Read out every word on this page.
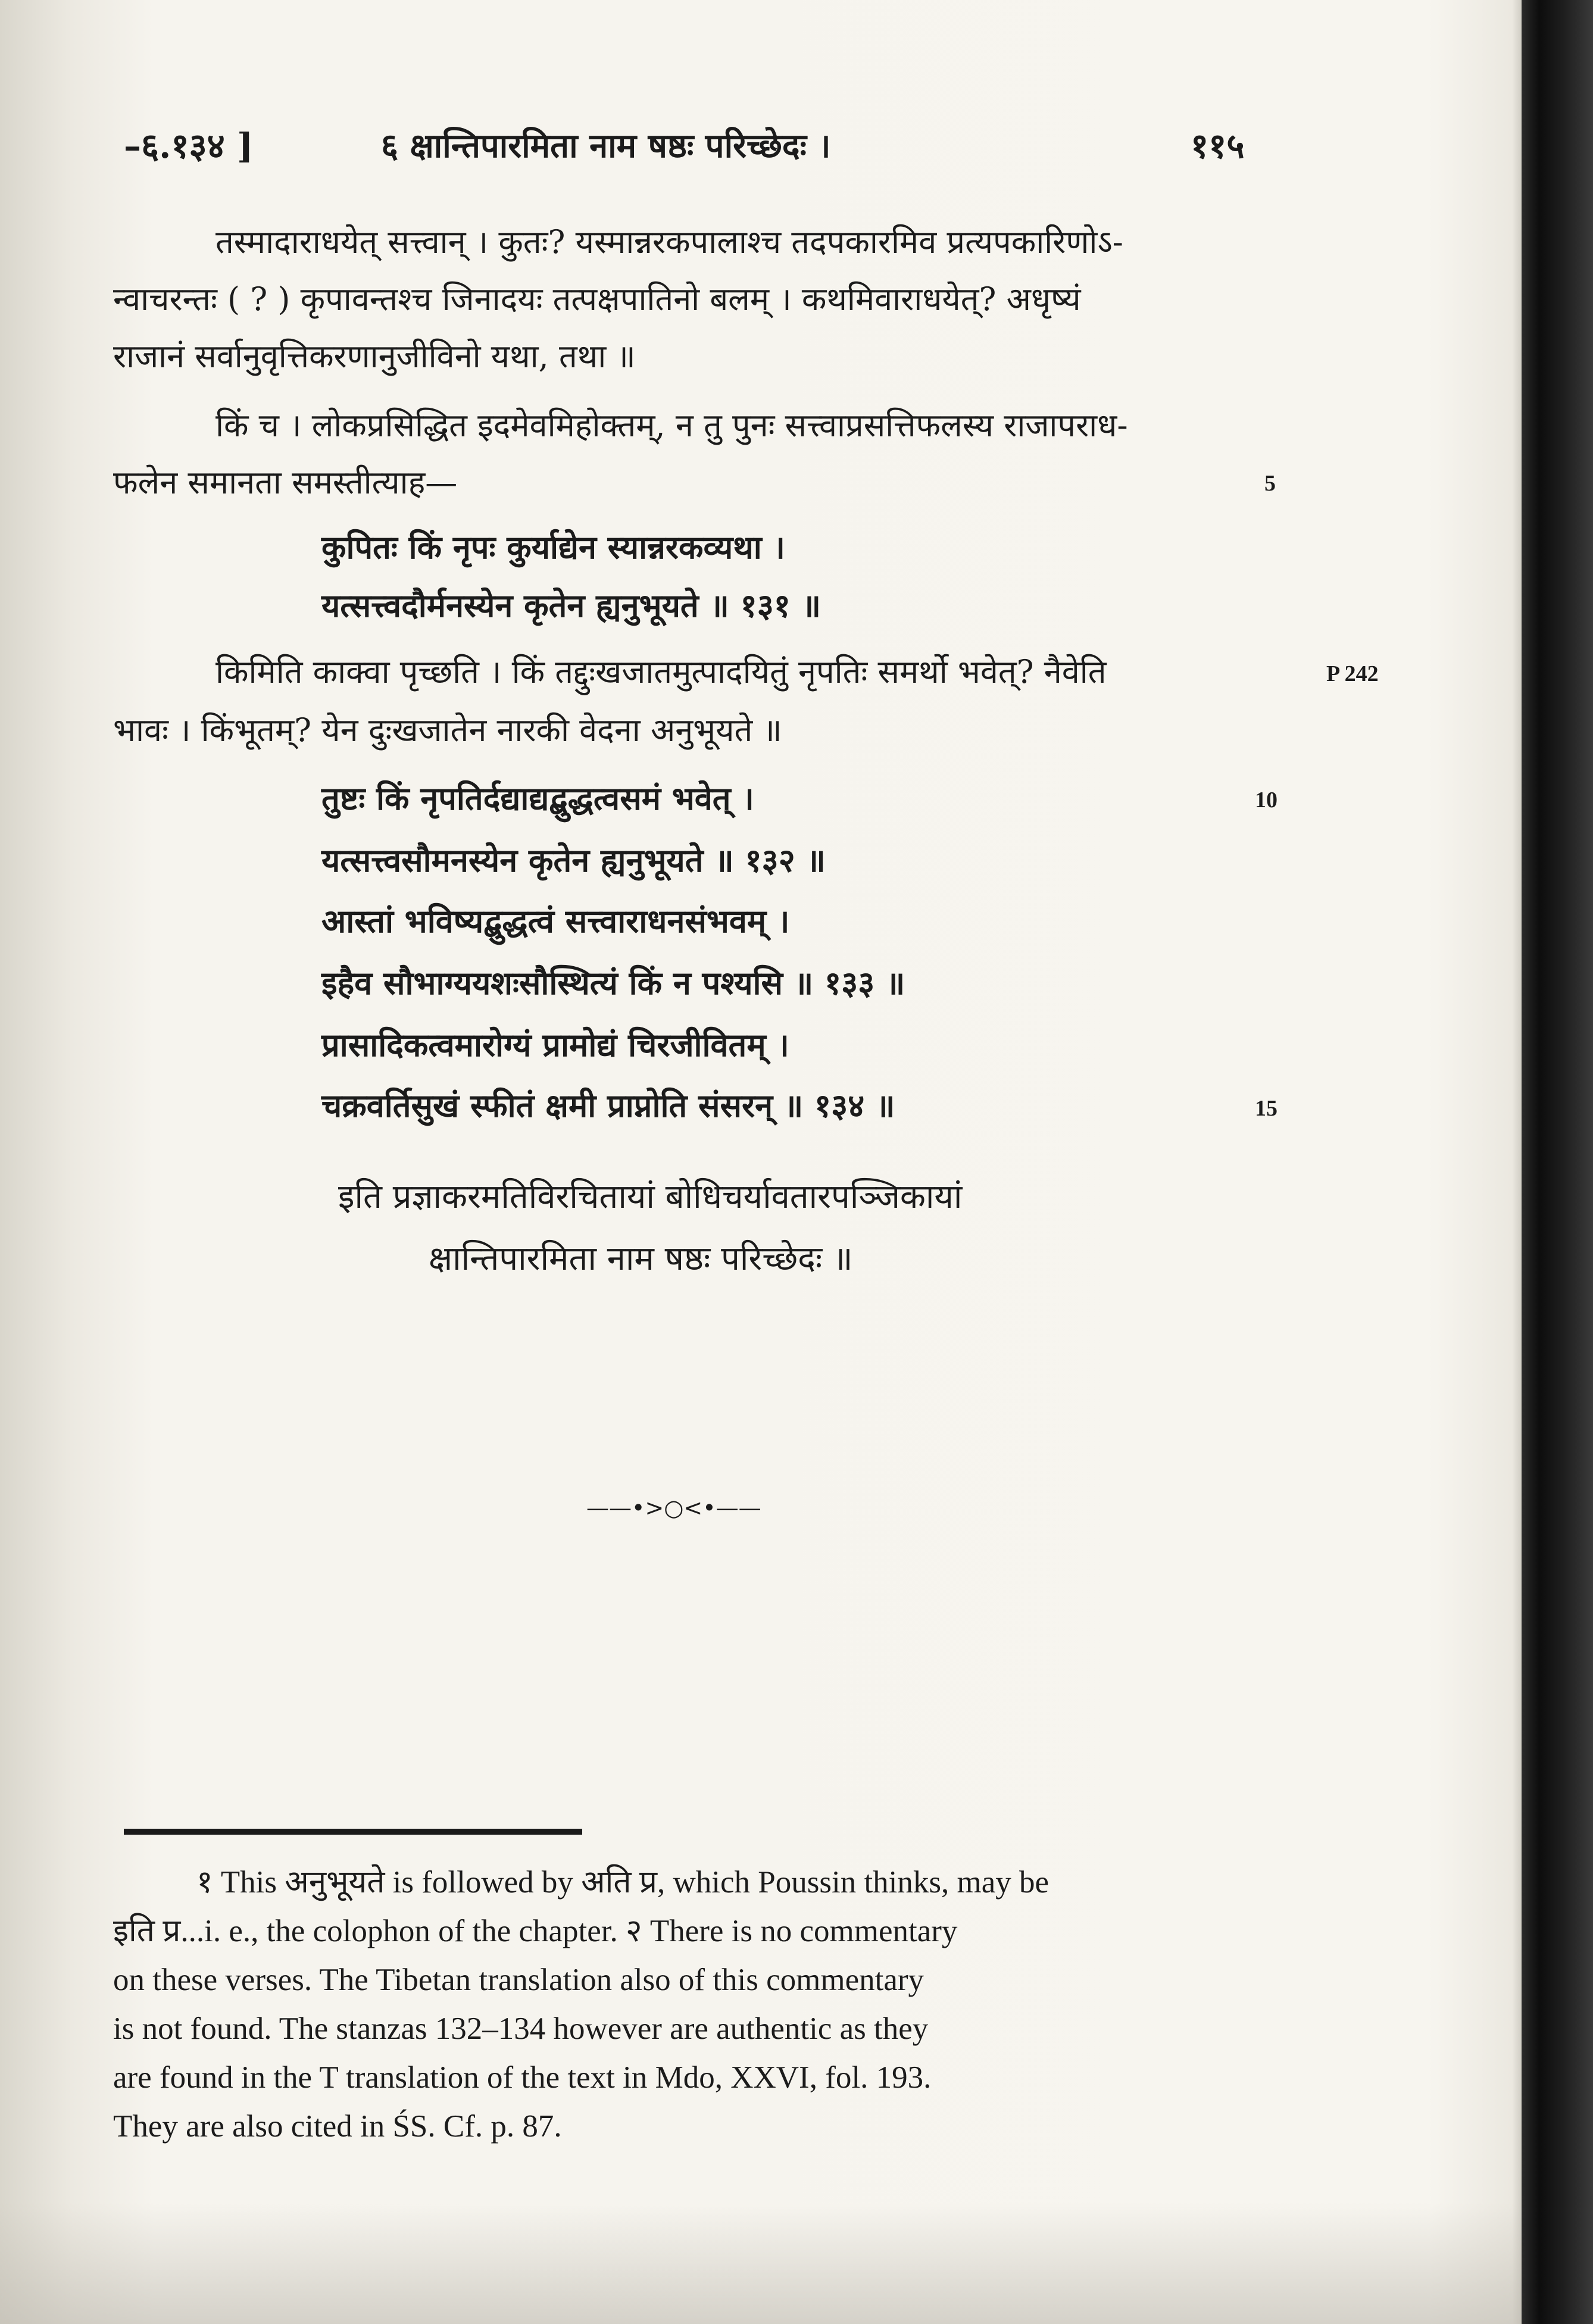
–६.१३४ ]	६ क्षान्तिपारमिता नाम षष्ठः परिच्छेदः ।	११५
तस्मादाराधयेत् सत्त्वान् । कुतः? यस्मान्नरकपालाश्च तदपकारमिव प्रत्यपकारिणोऽ-
न्वाचरन्तः ( ? ) कृपावन्तश्च जिनादयः तत्पक्षपातिनो बलम् । कथमिवाराधयेत्? अधृष्यं
राजानं सर्वानुवृत्तिकरणानुजीविनो यथा, तथा ॥
किं च । लोकप्रसिद्धित इदमेवमिहोक्तम्, न तु पुनः सत्त्वाप्रसत्तिफलस्य राजापराध-
फलेन समानता समस्तीत्याह—	5
कुपितः किं नृपः कुर्याद्येन स्यान्नरकव्यथा ।
यत्सत्त्वदौर्मनस्येन कृतेन ह्यनुभूयते ॥ १३१ ॥
किमिति काक्वा पृच्छति । किं तद्दुःखजातमुत्पादयितुं नृपतिः समर्थो भवेत्? नैवेति	P 242
भावः । किंभूतम्? येन दुःखजातेन नारकी वेदना अनुभूयते ॥
तुष्टः किं नृपतिर्दद्याद्यद्बुद्धत्वसमं भवेत् ।	10
यत्सत्त्वसौमनस्येन कृतेन ह्यनुभूयते ॥ १३२ ॥
आस्तां भविष्यद्बुद्धत्वं सत्त्वाराधनसंभवम् ।
इहैव सौभाग्ययशःसौस्थित्यं किं न पश्यसि ॥ १३३ ॥
प्रासादिकत्वमारोग्यं प्रामोद्यं चिरजीवितम् ।
चक्रवर्तिसुखं स्फीतं क्षमी प्राप्नोति संसरन् ॥ १३४ ॥	15
इति प्रज्ञाकरमतिविरचितायां बोधिचर्यावतारपञ्जिकायां
क्षान्तिपारमिता नाम षष्ठः परिच्छेदः ॥
——•>○<•——
१ This अनुभूयते is followed by अति प्र, which Poussin thinks, may be
इति प्र...i. e., the colophon of the chapter. २ There is no commentary
on these verses. The Tibetan translation also of this commentary
is not found. The stanzas 132–134 however are authentic as they
are found in the T translation of the text in Mdo, XXVI, fol. 193.
They are also cited in ŚS. Cf. p. 87.
